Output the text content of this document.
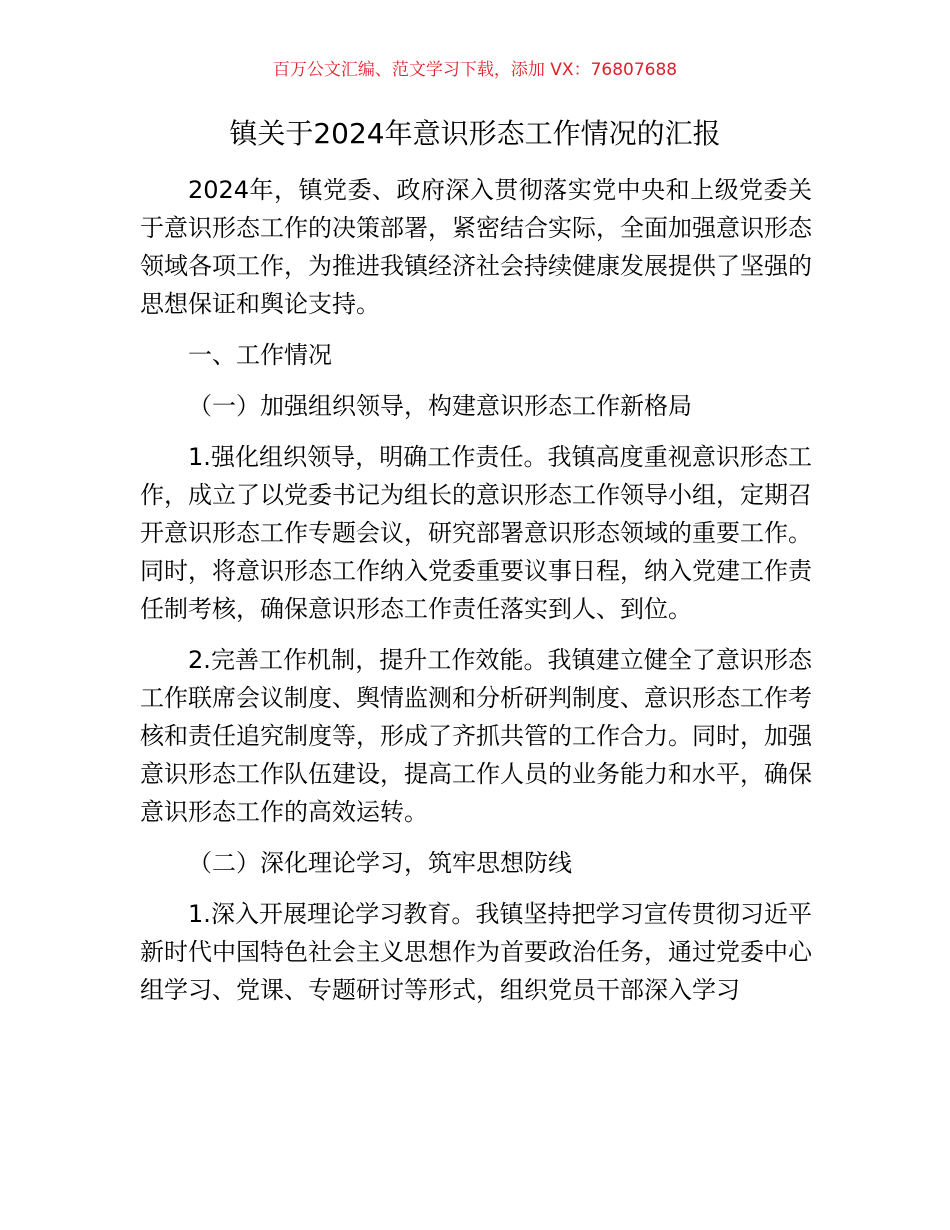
百万公文汇编、范文学习下载，添加 VX：76807688
镇关于2024年意识形态工作情况的汇报

2024年，镇党委、政府深入贯彻落实党中央和上级党委关于意识形态工作的决策部署，紧密结合实际，全面加强意识形态领域各项工作，为推进我镇经济社会持续健康发展提供了坚强的思想保证和舆论支持。

一、工作情况

（一）加强组织领导，构建意识形态工作新格局

1.强化组织领导，明确工作责任。我镇高度重视意识形态工作，成立了以党委书记为组长的意识形态工作领导小组，定期召开意识形态工作专题会议，研究部署意识形态领域的重要工作。同时，将意识形态工作纳入党委重要议事日程，纳入党建工作责任制考核，确保意识形态工作责任落实到人、到位。

2.完善工作机制，提升工作效能。我镇建立健全了意识形态工作联席会议制度、舆情监测和分析研判制度、意识形态工作考核和责任追究制度等，形成了齐抓共管的工作合力。同时，加强意识形态工作队伍建设，提高工作人员的业务能力和水平，确保意识形态工作的高效运转。

（二）深化理论学习，筑牢思想防线

1.深入开展理论学习教育。我镇坚持把学习宣传贯彻习近平新时代中国特色社会主义思想作为首要政治任务，通过党委中心组学习、党课、专题研讨等形式，组织党员干部深入学习
